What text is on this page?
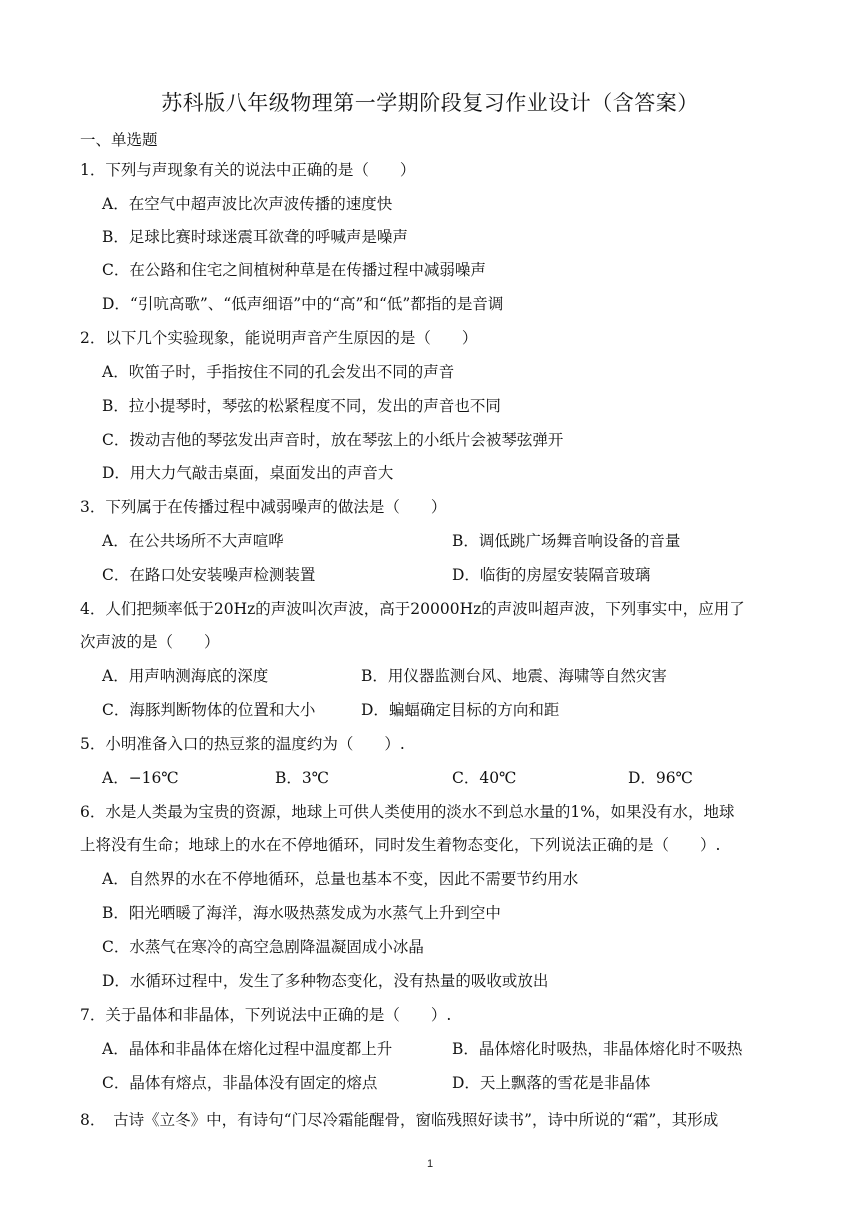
苏科版八年级物理第一学期阶段复习作业设计（含答案）
一、单选题
1．下列与声现象有关的说法中正确的是（　　）
A．在空气中超声波比次声波传播的速度快
B．足球比赛时球迷震耳欲聋的呼喊声是噪声
C．在公路和住宅之间植树种草是在传播过程中减弱噪声
D．“引吭高歌”、“低声细语”中的“高”和“低”都指的是音调
2．以下几个实验现象，能说明声音产生原因的是（　　）
A．吹笛子时，手指按住不同的孔会发出不同的声音
B．拉小提琴时，琴弦的松紧程度不同，发出的声音也不同
C．拨动吉他的琴弦发出声音时，放在琴弦上的小纸片会被琴弦弹开
D．用大力气敲击桌面，桌面发出的声音大
3．下列属于在传播过程中减弱噪声的做法是（　　）
A．在公共场所不大声喧哗	B．调低跳广场舞音响设备的音量
C．在路口处安装噪声检测装置	D．临街的房屋安装隔音玻璃
4．人们把频率低于20Hz的声波叫次声波，高于20000Hz的声波叫超声波，下列事实中，应用了
次声波的是（　　）
A．用声呐测海底的深度	B．用仪器监测台风、地震、海啸等自然灾害
C．海豚判断物体的位置和大小	D．蝙蝠确定目标的方向和距
5．小明准备入口的热豆浆的温度约为（　　）.
A．−16℃	B．3℃	C．40℃	D．96℃
6．水是人类最为宝贵的资源，地球上可供人类使用的淡水不到总水量的1%，如果没有水，地球
上将没有生命；地球上的水在不停地循环，同时发生着物态变化，下列说法正确的是（　　）.
A．自然界的水在不停地循环，总量也基本不变，因此不需要节约用水
B．阳光晒暖了海洋，海水吸热蒸发成为水蒸气上升到空中
C．水蒸气在寒冷的高空急剧降温凝固成小冰晶
D．水循环过程中，发生了多种物态变化，没有热量的吸收或放出
7．关于晶体和非晶体，下列说法中正确的是（　　）.
A．晶体和非晶体在熔化过程中温度都上升	B．晶体熔化时吸热，非晶体熔化时不吸热
C．晶体有熔点，非晶体没有固定的熔点	D．天上飘落的雪花是非晶体
8．　古诗《立冬》中，有诗句“门尽冷霜能醒骨，窗临残照好读书”，诗中所说的“霜”，其形成
1
